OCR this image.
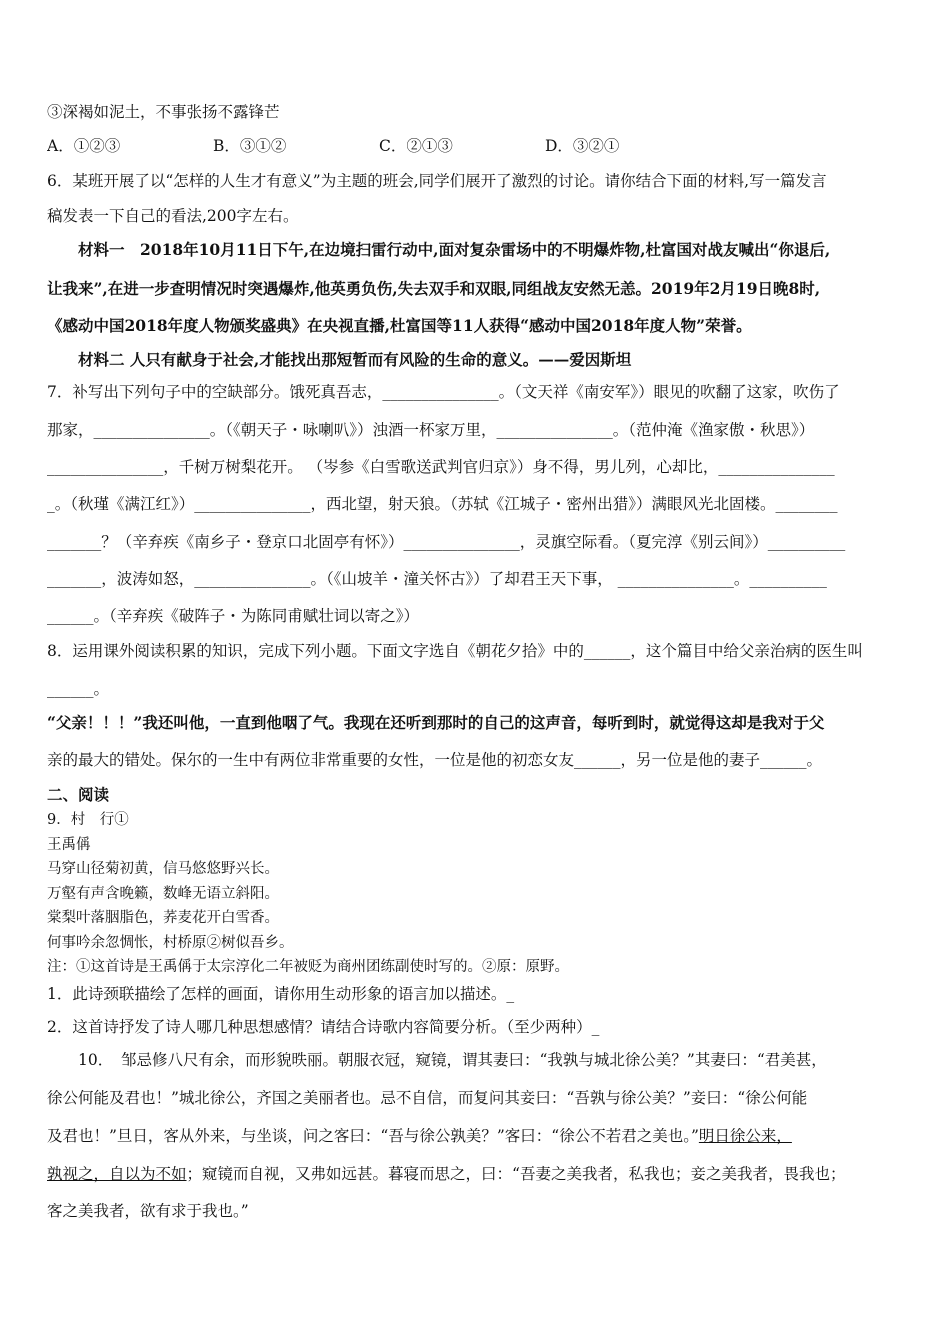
③深褐如泥土，不事张扬不露锋芒
A．①②③	B．③①②	C．②①③	D．③②①
6．某班开展了以“怎样的人生才有意义”为主题的班会,同学们展开了激烈的讨论。请你结合下面的材料,写一篇发言
稿发表一下自己的看法,200字左右。
材料一　2018年10月11日下午,在边境扫雷行动中,面对复杂雷场中的不明爆炸物,杜富国对战友喊出“你退后,
让我来”,在进一步查明情况时突遇爆炸,他英勇负伤,失去双手和双眼,同组战友安然无恙。2019年2月19日晚8时,
《感动中国2018年度人物颁奖盛典》在央视直播,杜富国等11人获得“感动中国2018年度人物”荣誉。
材料二 人只有献身于社会,才能找出那短暂而有风险的生命的意义。——爱因斯坦
7．补写出下列句子中的空缺部分。饿死真吾志，_______________。（文天祥《南安军》）眼见的吹翻了这家，吹伤了
那家，_______________。（《朝天子・咏喇叭》）浊酒一杯家万里，_______________。（范仲淹《渔家傲・秋思》）
_______________，千树万树梨花开。 （岑参《白雪歌送武判官归京》）身不得，男儿列，心却比，_______________
_。（秋瑾《满江红》）_______________，西北望，射天狼。（苏轼《江城子・密州出猎》）满眼风光北固楼。________
_______？（辛弃疾《南乡子・登京口北固亭有怀》）_______________，灵旗空际看。（夏完淳《别云间》）__________
_______，波涛如怒，_______________。（《山坡羊・潼关怀古》）了却君王天下事， _______________。__________
______。（辛弃疾《破阵子・为陈同甫赋壮词以寄之》）
8．运用课外阅读积累的知识，完成下列小题。下面文字选自《朝花夕拾》中的______，这个篇目中给父亲治病的医生叫
______。
“父亲！！！”我还叫他，一直到他咽了气。我现在还听到那时的自己的这声音，每听到时，就觉得这却是我对于父
亲的最大的错处。保尔的一生中有两位非常重要的女性，一位是他的初恋女友______，另一位是他的妻子______。
二、阅读
9．村　行①
王禹偁
马穿山径菊初黄，信马悠悠野兴长。
万壑有声含晚籁，数峰无语立斜阳。
棠梨叶落胭脂色，荞麦花开白雪香。
何事吟余忽惆怅，村桥原②树似吾乡。
注：①这首诗是王禹偁于太宗淳化二年被贬为商州团练副使时写的。②原：原野。
1．此诗颈联描绘了怎样的画面，请你用生动形象的语言加以描述。_
2．这首诗抒发了诗人哪几种思想感情？请结合诗歌内容简要分析。（至少两种）_
10．　邹忌修八尺有余，而形貌昳丽。朝服衣冠，窥镜，谓其妻曰：“我孰与城北徐公美？”其妻曰：“君美甚，
徐公何能及君也！”城北徐公，齐国之美丽者也。忌不自信，而复问其妾曰：“吾孰与徐公美？”妾曰：“徐公何能
及君也！”旦日，客从外来，与坐谈，问之客曰：“吾与徐公孰美？”客曰：“徐公不若君之美也。”明日徐公来，
孰视之，自以为不如；窥镜而自视，又弗如远甚。暮寝而思之，曰：“吾妻之美我者，私我也；妾之美我者，畏我也；
客之美我者，欲有求于我也。”
